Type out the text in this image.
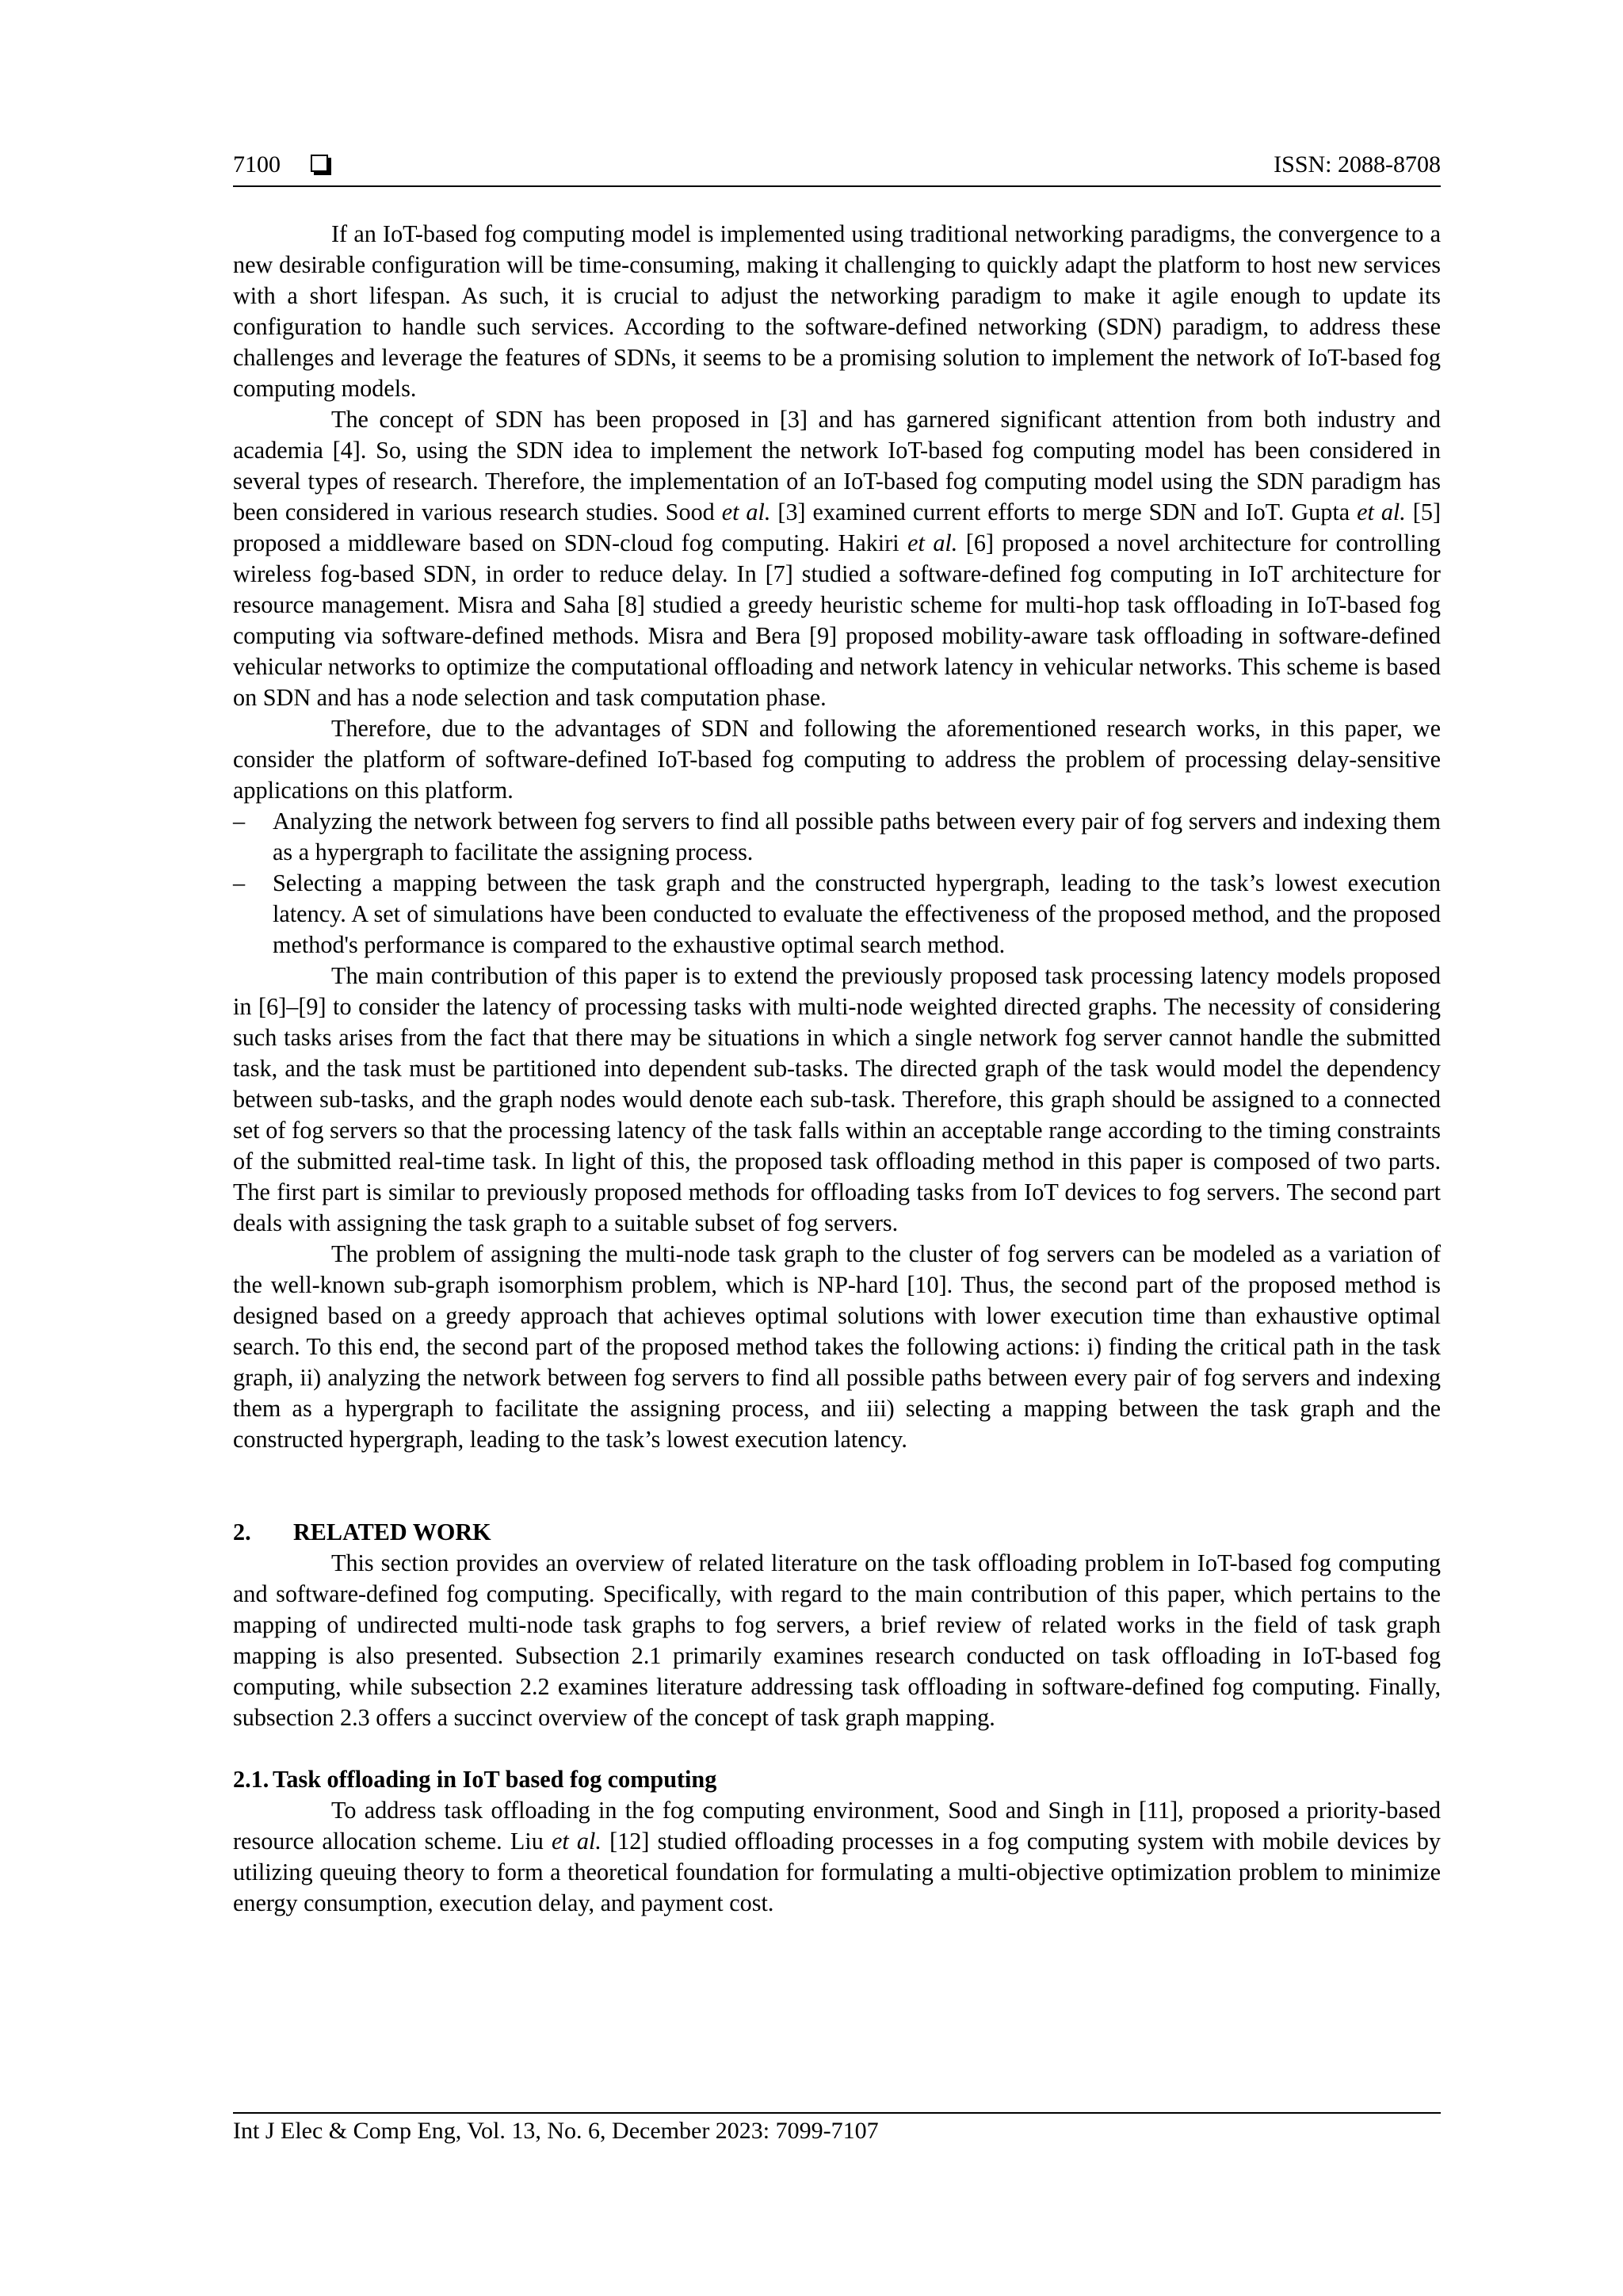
7100	ISSN: 2088-8708

If an IoT-based fog computing model is implemented using traditional networking paradigms, the convergence to a new desirable configuration will be time-consuming, making it challenging to quickly adapt the platform to host new services with a short lifespan. As such, it is crucial to adjust the networking paradigm to make it agile enough to update its configuration to handle such services. According to the software-defined networking (SDN) paradigm, to address these challenges and leverage the features of SDNs, it seems to be a promising solution to implement the network of IoT-based fog computing models.

The concept of SDN has been proposed in [3] and has garnered significant attention from both industry and academia [4]. So, using the SDN idea to implement the network IoT-based fog computing model has been considered in several types of research. Therefore, the implementation of an IoT-based fog computing model using the SDN paradigm has been considered in various research studies. Sood et al. [3] examined current efforts to merge SDN and IoT. Gupta et al. [5] proposed a middleware based on SDN-cloud fog computing. Hakiri et al. [6] proposed a novel architecture for controlling wireless fog-based SDN, in order to reduce delay. In [7] studied a software-defined fog computing in IoT architecture for resource management. Misra and Saha [8] studied a greedy heuristic scheme for multi-hop task offloading in IoT-based fog computing via software-defined methods. Misra and Bera [9] proposed mobility-aware task offloading in software-defined vehicular networks to optimize the computational offloading and network latency in vehicular networks. This scheme is based on SDN and has a node selection and task computation phase.

Therefore, due to the advantages of SDN and following the aforementioned research works, in this paper, we consider the platform of software-defined IoT-based fog computing to address the problem of processing delay-sensitive applications on this platform.

– Analyzing the network between fog servers to find all possible paths between every pair of fog servers and indexing them as a hypergraph to facilitate the assigning process.
– Selecting a mapping between the task graph and the constructed hypergraph, leading to the task’s lowest execution latency. A set of simulations have been conducted to evaluate the effectiveness of the proposed method, and the proposed method's performance is compared to the exhaustive optimal search method.

The main contribution of this paper is to extend the previously proposed task processing latency models proposed in [6]–[9] to consider the latency of processing tasks with multi-node weighted directed graphs. The necessity of considering such tasks arises from the fact that there may be situations in which a single network fog server cannot handle the submitted task, and the task must be partitioned into dependent sub-tasks. The directed graph of the task would model the dependency between sub-tasks, and the graph nodes would denote each sub-task. Therefore, this graph should be assigned to a connected set of fog servers so that the processing latency of the task falls within an acceptable range according to the timing constraints of the submitted real-time task. In light of this, the proposed task offloading method in this paper is composed of two parts. The first part is similar to previously proposed methods for offloading tasks from IoT devices to fog servers. The second part deals with assigning the task graph to a suitable subset of fog servers.

The problem of assigning the multi-node task graph to the cluster of fog servers can be modeled as a variation of the well-known sub-graph isomorphism problem, which is NP-hard [10]. Thus, the second part of the proposed method is designed based on a greedy approach that achieves optimal solutions with lower execution time than exhaustive optimal search. To this end, the second part of the proposed method takes the following actions: i) finding the critical path in the task graph, ii) analyzing the network between fog servers to find all possible paths between every pair of fog servers and indexing them as a hypergraph to facilitate the assigning process, and iii) selecting a mapping between the task graph and the constructed hypergraph, leading to the task’s lowest execution latency.

2.	RELATED WORK

This section provides an overview of related literature on the task offloading problem in IoT-based fog computing and software-defined fog computing. Specifically, with regard to the main contribution of this paper, which pertains to the mapping of undirected multi-node task graphs to fog servers, a brief review of related works in the field of task graph mapping is also presented. Subsection 2.1 primarily examines research conducted on task offloading in IoT-based fog computing, while subsection 2.2 examines literature addressing task offloading in software-defined fog computing. Finally, subsection 2.3 offers a succinct overview of the concept of task graph mapping.

2.1. Task offloading in IoT based fog computing

To address task offloading in the fog computing environment, Sood and Singh in [11], proposed a priority-based resource allocation scheme. Liu et al. [12] studied offloading processes in a fog computing system with mobile devices by utilizing queuing theory to form a theoretical foundation for formulating a multi-objective optimization problem to minimize energy consumption, execution delay, and payment cost.

Int J Elec & Comp Eng, Vol. 13, No. 6, December 2023: 7099-7107
